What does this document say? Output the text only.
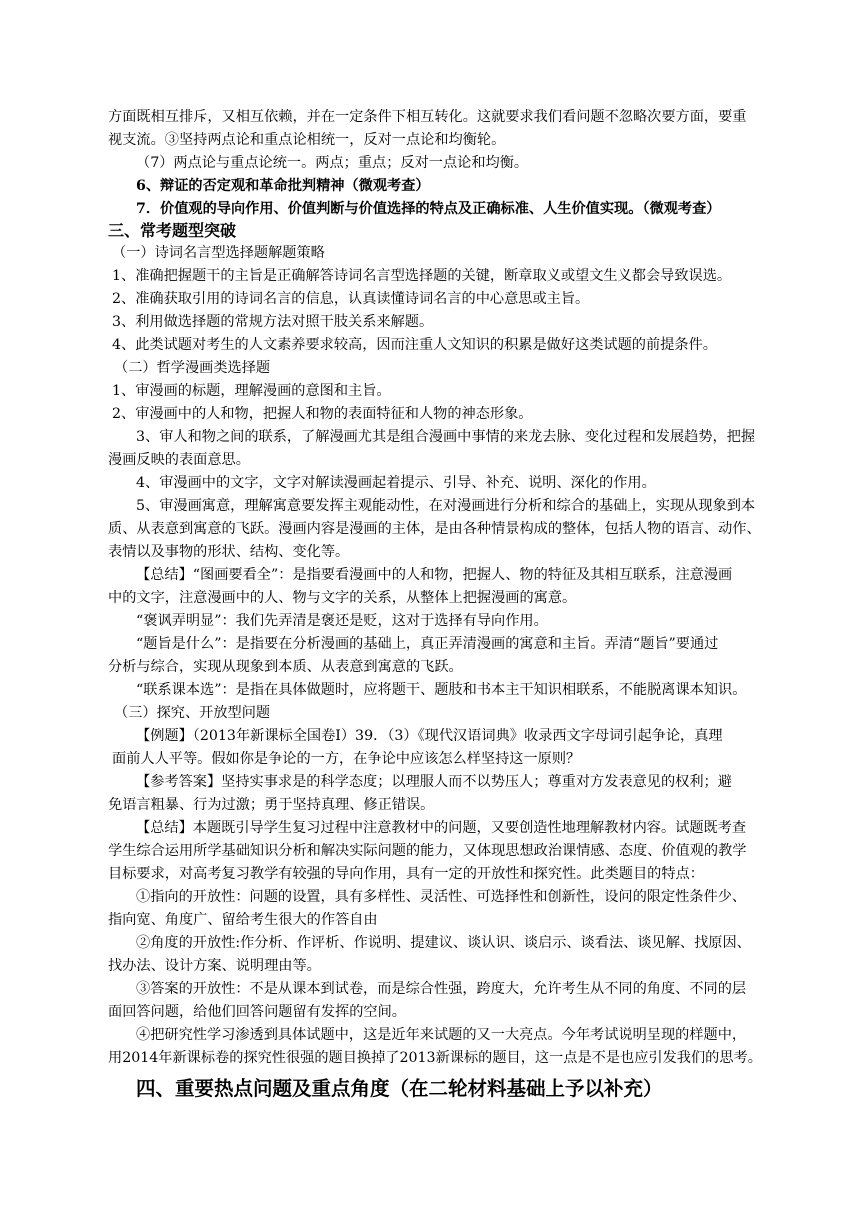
方面既相互排斥，又相互依赖，并在一定条件下相互转化。这就要求我们看问题不忽略次要方面，要重
视支流。③坚持两点论和重点论相统一，反对一点论和均衡轮。
（7）两点论与重点论统一。两点；重点；反对一点论和均衡。
6、辩证的否定观和革命批判精神（微观考查）
7．价值观的导向作用、价值判断与价值选择的特点及正确标准、人生价值实现。（微观考查）
三、常考题型突破
（一）诗词名言型选择题解题策略
1、准确把握题干的主旨是正确解答诗词名言型选择题的关键，断章取义或望文生义都会导致误选。
2、准确获取引用的诗词名言的信息，认真读懂诗词名言的中心意思或主旨。
3、利用做选择题的常规方法对照干肢关系来解题。
4、此类试题对考生的人文素养要求较高，因而注重人文知识的积累是做好这类试题的前提条件。
（二）哲学漫画类选择题
1、审漫画的标题，理解漫画的意图和主旨。
2、审漫画中的人和物，把握人和物的表面特征和人物的神态形象。
3、审人和物之间的联系，了解漫画尤其是组合漫画中事情的来龙去脉、变化过程和发展趋势，把握
漫画反映的表面意思。
4、审漫画中的文字，文字对解读漫画起着提示、引导、补充、说明、深化的作用。
5、审漫画寓意，理解寓意要发挥主观能动性，在对漫画进行分析和综合的基础上，实现从现象到本
质、从表意到寓意的飞跃。漫画内容是漫画的主体，是由各种情景构成的整体，包括人物的语言、动作、
表情以及事物的形状、结构、变化等。
【总结】“图画要看全”：是指要看漫画中的人和物，把握人、物的特征及其相互联系，注意漫画
中的文字，注意漫画中的人、物与文字的关系，从整体上把握漫画的寓意。
“褒讽弄明显”：我们先弄清是褒还是贬，这对于选择有导向作用。
“题旨是什么”：是指要在分析漫画的基础上，真正弄清漫画的寓意和主旨。弄清“题旨”要通过
分析与综合，实现从现象到本质、从表意到寓意的飞跃。
“联系课本选”：是指在具体做题时，应将题干、题肢和书本主干知识相联系，不能脱离课本知识。
（三）探究、开放型问题
【例题】（2013年新课标全国卷Ⅰ）39．（3）《现代汉语词典》收录西文字母词引起争论，真理
面前人人平等。假如你是争论的一方，在争论中应该怎么样坚持这一原则？
【参考答案】坚持实事求是的科学态度；以理服人而不以势压人；尊重对方发表意见的权利；避
免语言粗暴、行为过激；勇于坚持真理、修正错误。
【总结】本题既引导学生复习过程中注意教材中的问题，又要创造性地理解教材内容。试题既考查
学生综合运用所学基础知识分析和解决实际问题的能力，又体现思想政治课情感、态度、价值观的教学
目标要求，对高考复习教学有较强的导向作用，具有一定的开放性和探究性。此类题目的特点：
①指向的开放性：问题的设置，具有多样性、灵活性、可选择性和创新性，设问的限定性条件少、
指向宽、角度广、留给考生很大的作答自由
②角度的开放性:作分析、作评析、作说明、提建议、谈认识、谈启示、谈看法、谈见解、找原因、
找办法、设计方案、说明理由等。
③答案的开放性：不是从课本到试卷，而是综合性强，跨度大，允许考生从不同的角度、不同的层
面回答问题，给他们回答问题留有发挥的空间。
④把研究性学习渗透到具体试题中，这是近年来试题的又一大亮点。今年考试说明呈现的样题中，
用2014年新课标卷的探究性很强的题目换掉了2013新课标的题目，这一点是不是也应引发我们的思考。
四、重要热点问题及重点角度（在二轮材料基础上予以补充）
